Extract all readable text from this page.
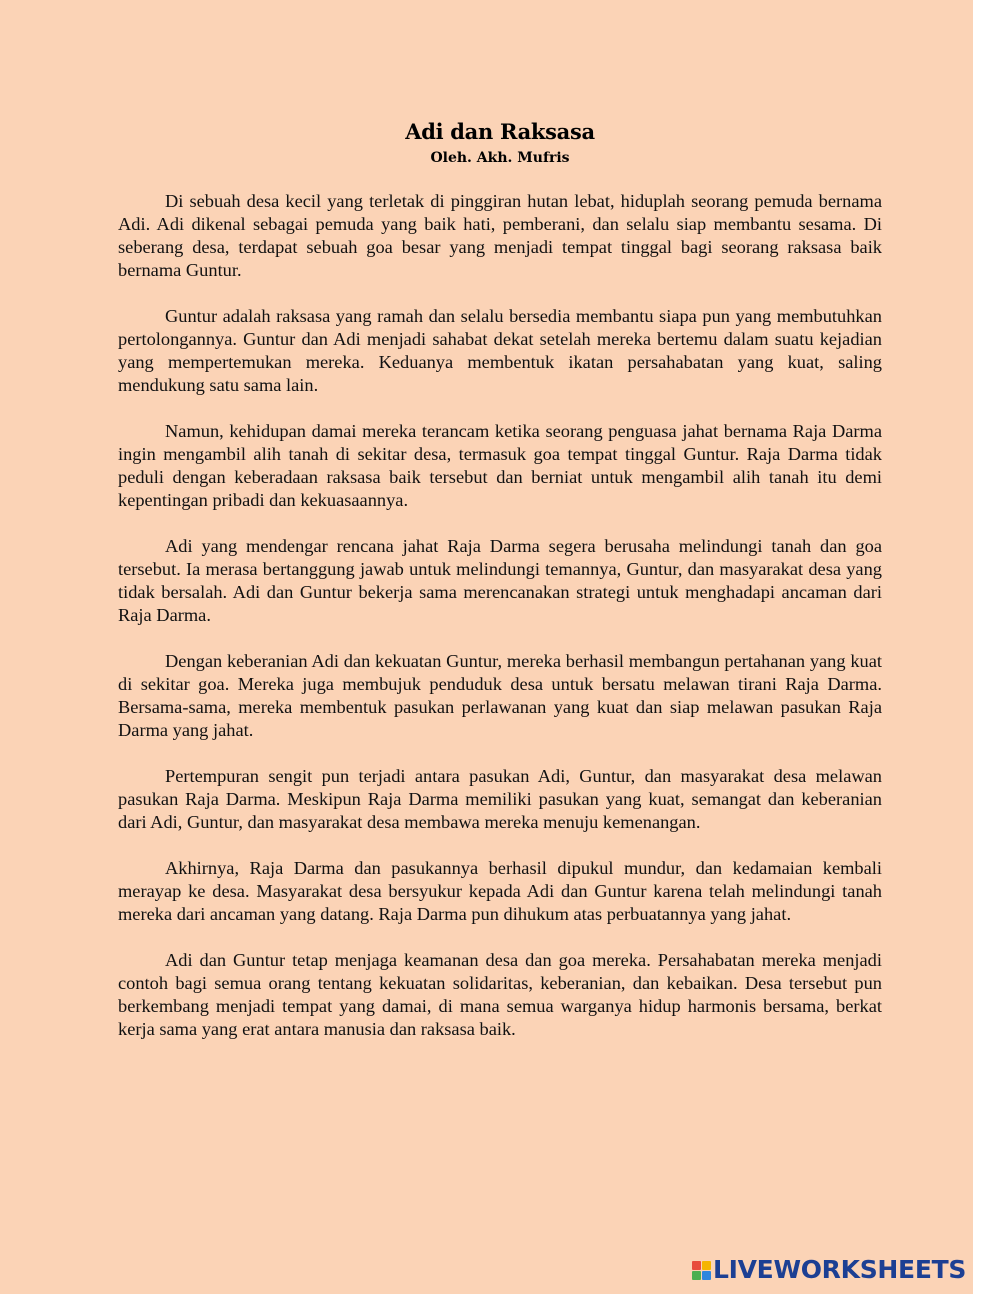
Adi dan Raksasa
Oleh. Akh. Mufris

Di sebuah desa kecil yang terletak di pinggiran hutan lebat, hiduplah seorang pemuda bernama Adi. Adi dikenal sebagai pemuda yang baik hati, pemberani, dan selalu siap membantu sesama. Di seberang desa, terdapat sebuah goa besar yang menjadi tempat tinggal bagi seorang raksasa baik bernama Guntur.

Guntur adalah raksasa yang ramah dan selalu bersedia membantu siapa pun yang membutuhkan pertolongannya. Guntur dan Adi menjadi sahabat dekat setelah mereka bertemu dalam suatu kejadian yang mempertemukan mereka. Keduanya membentuk ikatan persahabatan yang kuat, saling mendukung satu sama lain.

Namun, kehidupan damai mereka terancam ketika seorang penguasa jahat bernama Raja Darma ingin mengambil alih tanah di sekitar desa, termasuk goa tempat tinggal Guntur. Raja Darma tidak peduli dengan keberadaan raksasa baik tersebut dan berniat untuk mengambil alih tanah itu demi kepentingan pribadi dan kekuasaannya.

Adi yang mendengar rencana jahat Raja Darma segera berusaha melindungi tanah dan goa tersebut. Ia merasa bertanggung jawab untuk melindungi temannya, Guntur, dan masyarakat desa yang tidak bersalah. Adi dan Guntur bekerja sama merencanakan strategi untuk menghadapi ancaman dari Raja Darma.

Dengan keberanian Adi dan kekuatan Guntur, mereka berhasil membangun pertahanan yang kuat di sekitar goa. Mereka juga membujuk penduduk desa untuk bersatu melawan tirani Raja Darma. Bersama-sama, mereka membentuk pasukan perlawanan yang kuat dan siap melawan pasukan Raja Darma yang jahat.

Pertempuran sengit pun terjadi antara pasukan Adi, Guntur, dan masyarakat desa melawan pasukan Raja Darma. Meskipun Raja Darma memiliki pasukan yang kuat, semangat dan keberanian dari Adi, Guntur, dan masyarakat desa membawa mereka menuju kemenangan.

Akhirnya, Raja Darma dan pasukannya berhasil dipukul mundur, dan kedamaian kembali merayap ke desa. Masyarakat desa bersyukur kepada Adi dan Guntur karena telah melindungi tanah mereka dari ancaman yang datang. Raja Darma pun dihukum atas perbuatannya yang jahat.

Adi dan Guntur tetap menjaga keamanan desa dan goa mereka. Persahabatan mereka menjadi contoh bagi semua orang tentang kekuatan solidaritas, keberanian, dan kebaikan. Desa tersebut pun berkembang menjadi tempat yang damai, di mana semua warganya hidup harmonis bersama, berkat kerja sama yang erat antara manusia dan raksasa baik.

LIVEWORKSHEETS
